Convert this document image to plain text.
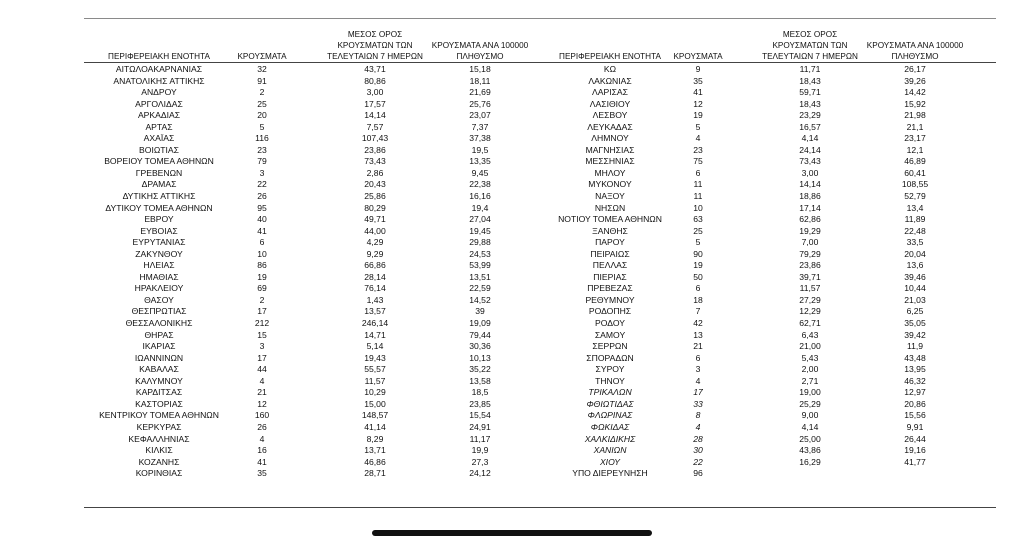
ΠΕΡΙΦΕΡΕΙΑΚΗ ΕΝΟΤΗΤΑ	ΚΡΟΥΣΜΑΤΑ
ΜΕΣΟΣ ΟΡΟΣ
ΚΡΟΥΣΜΑΤΩΝ ΤΩΝ
ΤΕΛΕΥΤΑΙΩΝ 7 ΗΜΕΡΩΝ
ΚΡΟΥΣΜΑΤΑ ΑΝΑ 100000
ΠΛΗΘΥΣΜΟ	ΠΕΡΙΦΕΡΕΙΑΚΗ ΕΝΟΤΗΤΑ	ΚΡΟΥΣΜΑΤΑ
ΜΕΣΟΣ ΟΡΟΣ
ΚΡΟΥΣΜΑΤΩΝ ΤΩΝ
ΤΕΛΕΥΤΑΙΩΝ 7 ΗΜΕΡΩΝ
ΚΡΟΥΣΜΑΤΑ ΑΝΑ 100000
ΠΛΗΘΥΣΜΟ
ΑΙΤΩΛΟΑΚΑΡΝΑΝΙΑΣ	32	43,71	15,18	ΚΩ	9	11,71	26,17
ΑΝΑΤΟΛΙΚΗΣ ΑΤΤΙΚΗΣ	91	80,86	18,11	ΛΑΚΩΝΙΑΣ	35	18,43	39,26
ΑΝΔΡΟΥ	2	3,00	21,69	ΛΑΡΙΣΑΣ	41	59,71	14,42
ΑΡΓΟΛΙΔΑΣ	25	17,57	25,76	ΛΑΣΙΘΙΟΥ	12	18,43	15,92
ΑΡΚΑΔΙΑΣ	20	14,14	23,07	ΛΕΣΒΟΥ	19	23,29	21,98
ΑΡΤΑΣ	5	7,57	7,37	ΛΕΥΚΑΔΑΣ	5	16,57	21,1
ΑΧΑΪΑΣ	116	107,43	37,38	ΛΗΜΝΟΥ	4	4,14	23,17
ΒΟΙΩΤΙΑΣ	23	23,86	19,5	ΜΑΓΝΗΣΙΑΣ	23	24,14	12,1
ΒΟΡΕΙΟΥ ΤΟΜΕΑ ΑΘΗΝΩΝ	79	73,43	13,35	ΜΕΣΣΗΝΙΑΣ	75	73,43	46,89
ΓΡΕΒΕΝΩΝ	3	2,86	9,45	ΜΗΛΟΥ	6	3,00	60,41
ΔΡΑΜΑΣ	22	20,43	22,38	ΜΥΚΟΝΟΥ	11	14,14	108,55
ΔΥΤΙΚΗΣ ΑΤΤΙΚΗΣ	26	25,86	16,16	ΝΑΞΟΥ	11	18,86	52,79
ΔΥΤΙΚΟΥ ΤΟΜΕΑ ΑΘΗΝΩΝ	95	80,29	19,4	ΝΗΣΩΝ	10	17,14	13,4
ΕΒΡΟΥ	40	49,71	27,04	ΝΟΤΙΟΥ ΤΟΜΕΑ ΑΘΗΝΩΝ	63	62,86	11,89
ΕΥΒΟΙΑΣ	41	44,00	19,45	ΞΑΝΘΗΣ	25	19,29	22,48
ΕΥΡΥΤΑΝΙΑΣ	6	4,29	29,88	ΠΑΡΟΥ	5	7,00	33,5
ΖΑΚΥΝΘΟΥ	10	9,29	24,53	ΠΕΙΡΑΙΩΣ	90	79,29	20,04
ΗΛΕΙΑΣ	86	66,86	53,99	ΠΕΛΛΑΣ	19	23,86	13,6
ΗΜΑΘΙΑΣ	19	28,14	13,51	ΠΙΕΡΙΑΣ	50	39,71	39,46
ΗΡΑΚΛΕΙΟΥ	69	76,14	22,59	ΠΡΕΒΕΖΑΣ	6	11,57	10,44
ΘΑΣΟΥ	2	1,43	14,52	ΡΕΘΥΜΝΟΥ	18	27,29	21,03
ΘΕΣΠΡΩΤΙΑΣ	17	13,57	39	ΡΟΔΟΠΗΣ	7	12,29	6,25
ΘΕΣΣΑΛΟΝΙΚΗΣ	212	246,14	19,09	ΡΟΔΟΥ	42	62,71	35,05
ΘΗΡΑΣ	15	14,71	79,44	ΣΑΜΟΥ	13	6,43	39,42
ΙΚΑΡΙΑΣ	3	5,14	30,36	ΣΕΡΡΩΝ	21	21,00	11,9
ΙΩΑΝΝΙΝΩΝ	17	19,43	10,13	ΣΠΟΡΑΔΩΝ	6	5,43	43,48
ΚΑΒΑΛΑΣ	44	55,57	35,22	ΣΥΡΟΥ	3	2,00	13,95
ΚΑΛΥΜΝΟΥ	4	11,57	13,58	ΤΗΝΟΥ	4	2,71	46,32
ΚΑΡΔΙΤΣΑΣ	21	10,29	18,5	ΤΡΙΚΑΛΩΝ	17	19,00	12,97
ΚΑΣΤΟΡΙΑΣ	12	15,00	23,85	ΦΘΙΩΤΙΔΑΣ	33	25,29	20,86
ΚΕΝΤΡΙΚΟΥ ΤΟΜΕΑ ΑΘΗΝΩΝ	160	148,57	15,54	ΦΛΩΡΙΝΑΣ	8	9,00	15,56
ΚΕΡΚΥΡΑΣ	26	41,14	24,91	ΦΩΚΙΔΑΣ	4	4,14	9,91
ΚΕΦΑΛΛΗΝΙΑΣ	4	8,29	11,17	ΧΑΛΚΙΔΙΚΗΣ	28	25,00	26,44
ΚΙΛΚΙΣ	16	13,71	19,9	ΧΑΝΙΩΝ	30	43,86	19,16
ΚΟΖΑΝΗΣ	41	46,86	27,3	ΧΙΟΥ	22	16,29	41,77
ΚΟΡΙΝΘΙΑΣ	35	28,71	24,12	ΥΠΟ ΔΙΕΡΕΥΝΗΣΗ	96
